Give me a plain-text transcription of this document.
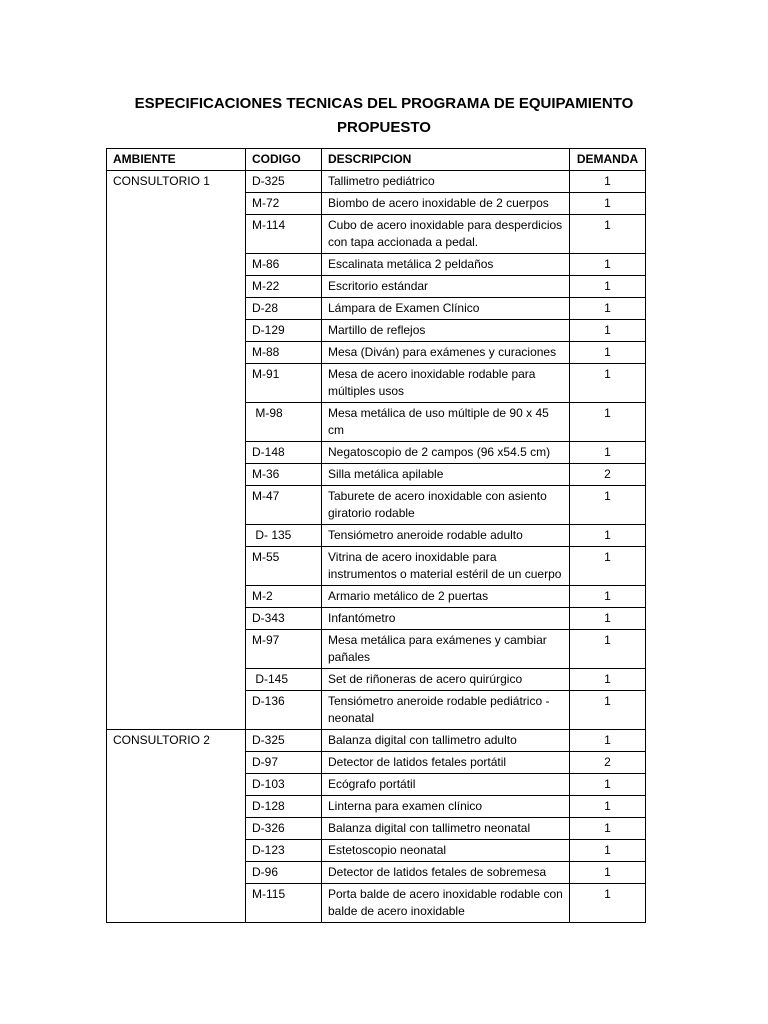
ESPECIFICACIONES TECNICAS DEL PROGRAMA DE EQUIPAMIENTO
PROPUESTO
AMBIENTE	CODIGO	DESCRIPCION	DEMANDA
CONSULTORIO 1	D-325	Tallimetro pediátrico	1
	M-72	Biombo de acero inoxidable de 2 cuerpos	1
	M-114	Cubo de acero inoxidable para desperdicios con tapa accionada a pedal.	1
	M-86	Escalinata metálica 2 peldaños	1
	M-22	Escritorio estándar	1
	D-28	Lámpara de Examen Clínico	1
	D-129	Martillo de reflejos	1
	M-88	Mesa (Diván) para exámenes y curaciones	1
	M-91	Mesa de acero inoxidable rodable para múltiples usos	1
	M-98	Mesa metálica de uso múltiple de 90 x 45 cm	1
	D-148	Negatoscopio de 2 campos (96 x54.5 cm)	1
	M-36	Silla metálica apilable	2
	M-47	Taburete de acero inoxidable con asiento giratorio rodable	1
	D- 135	Tensiómetro aneroide rodable adulto	1
	M-55	Vitrina de acero inoxidable para instrumentos o material estéril de un cuerpo	1
	M-2	Armario metálico de 2 puertas	1
	D-343	Infantómetro	1
	M-97	Mesa metálica para exámenes y cambiar pañales	1
	D-145	Set de riñoneras de acero quirúrgico	1
	D-136	Tensiómetro aneroide rodable pediátrico - neonatal	1
CONSULTORIO 2	D-325	Balanza digital con tallimetro adulto	1
	D-97	Detector de latidos fetales portátil	2
	D-103	Ecógrafo portátil	1
	D-128	Linterna para examen clínico	1
	D-326	Balanza digital con tallimetro neonatal	1
	D-123	Estetoscopio neonatal	1
	D-96	Detector de latidos fetales de sobremesa	1
	M-115	Porta balde de acero inoxidable rodable con balde de acero inoxidable	1
